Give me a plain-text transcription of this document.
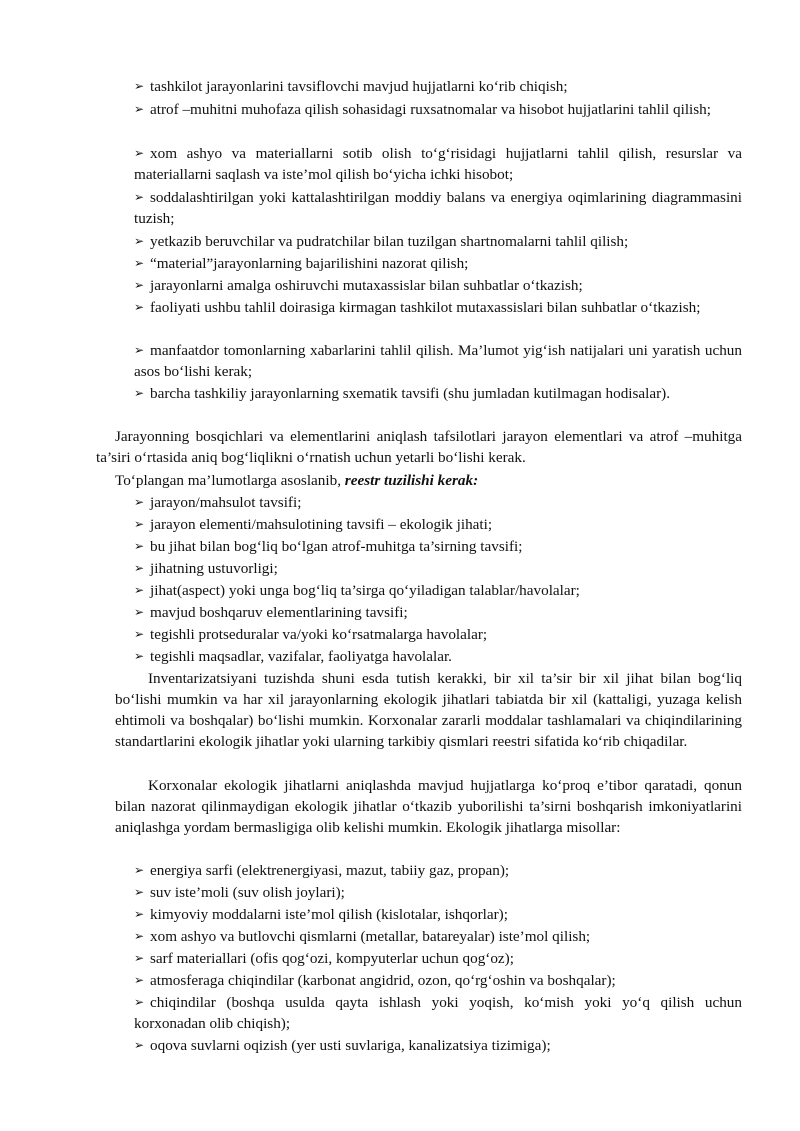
➢ tashkilot jarayonlarini tavsiflovchi mavjud hujjatlarni ko‘rib chiqish;
➢ atrof –muhitni muhofaza qilish sohasidagi ruxsatnomalar va hisobot hujjatlarini tahlil qilish;
➢ xom ashyo va materiallarni sotib olish to‘g‘risidagi hujjatlarni tahlil qilish, resurslar va materiallarni saqlash va iste’mol qilish bo‘yicha ichki hisobot;
➢ soddalashtirilgan yoki kattalashtirilgan moddiy balans va energiya oqimlarining diagrammasini tuzish;
➢ yetkazib beruvchilar va pudratchilar bilan tuzilgan shartnomalarni tahlil qilish;
➢ “material”jarayonlarning bajarilishini nazorat qilish;
➢ jarayonlarni amalga oshiruvchi mutaxassislar bilan suhbatlar o‘tkazish;
➢ faoliyati ushbu tahlil doirasiga kirmagan tashkilot mutaxassislari bilan suhbatlar o‘tkazish;
➢ manfaatdor tomonlarning xabarlarini tahlil qilish. Ma’lumot yig‘ish natijalari uni yaratish uchun asos bo‘lishi kerak;
➢ barcha tashkiliy jarayonlarning sxematik tavsifi (shu jumladan kutilmagan hodisalar).

Jarayonning bosqichlari va elementlarini aniqlash tafsilotlari jarayon elementlari va atrof –muhitga ta’siri o‘rtasida aniq bog‘liqlikni o‘rnatish uchun yetarli bo‘lishi kerak.

To‘plangan ma’lumotlarga asoslanib, reestr tuzilishi kerak:

➢ jarayon/mahsulot tavsifi;
➢ jarayon elementi/mahsulotining tavsifi – ekologik jihati;
➢ bu jihat bilan bog‘liq bo‘lgan atrof-muhitga ta’sirning tavsifi;
➢ jihatning ustuvorligi;
➢ jihat(aspect) yoki unga bog‘liq ta’sirga qo‘yiladigan talablar/havolalar;
➢ mavjud boshqaruv elementlarining tavsifi;
➢ tegishli protseduralar va/yoki ko‘rsatmalarga havolalar;
➢ tegishli maqsadlar, vazifalar, faoliyatga havolalar.

Inventarizatsiyani tuzishda shuni esda tutish kerakki, bir xil ta’sir bir xil jihat bilan bog‘liq bo‘lishi mumkin va har xil jarayonlarning ekologik jihatlari tabiatda bir xil (kattaligi, yuzaga kelish ehtimoli va boshqalar) bo‘lishi mumkin. Korxonalar zararli moddalar tashlamalari va chiqindilarining standartlarini ekologik jihatlar yoki ularning tarkibiy qismlari reestri sifatida ko‘rib chiqadilar.

Korxonalar ekologik jihatlarni aniqlashda mavjud hujjatlarga ko‘proq e’tibor qaratadi, qonun bilan nazorat qilinmaydigan ekologik jihatlar o‘tkazib yuborilishi ta’sirni boshqarish imkoniyatlarini aniqlashga yordam bermasligiga olib kelishi mumkin. Ekologik jihatlarga misollar:

➢ energiya sarfi (elektrenergiyasi, mazut, tabiiy gaz, propan);
➢ suv iste’moli (suv olish joylari);
➢ kimyoviy moddalarni iste’mol qilish (kislotalar, ishqorlar);
➢ xom ashyo va butlovchi qismlarni (metallar, batareyalar) iste’mol qilish;
➢ sarf materiallari (ofis qog‘ozi, kompyuterlar uchun qog‘oz);
➢ atmosferaga chiqindilar (karbonat angidrid, ozon, qo‘rg‘oshin va boshqalar);
➢ chiqindilar (boshqa usulda qayta ishlash yoki yoqish, ko‘mish yoki yo‘q qilish uchun korxonadan olib chiqish);
➢ oqova suvlarni oqizish (yer usti suvlariga, kanalizatsiya tizimiga);
